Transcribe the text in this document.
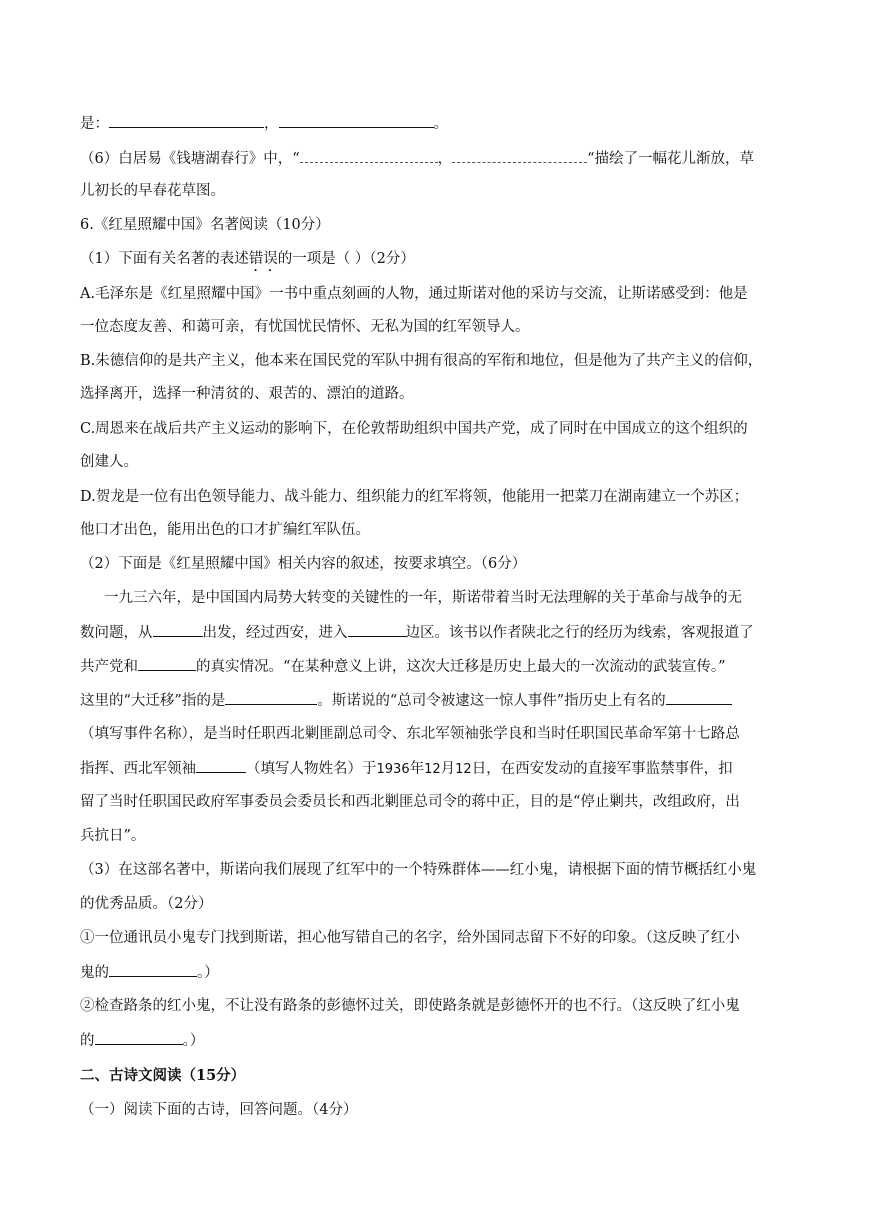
是：	，	。
（6）白居易《钱塘湖春行》中，“	，	“描绘了一幅花儿渐放，草
儿初长的早春花草图。
6.《红星照耀中国》名著阅读（10分）
（1）下面有关名著的表述错误的一项是（ ）（2分）
A.毛泽东是《红星照耀中国》一书中重点刻画的人物，通过斯诺对他的采访与交流，让斯诺感受到：他是
一位态度友善、和蔼可亲，有忧国忧民情怀、无私为国的红军领导人。
B.朱德信仰的是共产主义，他本来在国民党的军队中拥有很高的军衔和地位，但是他为了共产主义的信仰，
选择离开，选择一种清贫的、艰苦的、漂泊的道路。
C.周恩来在战后共产主义运动的影响下，在伦敦帮助组织中国共产党，成了同时在中国成立的这个组织的
创建人。
D.贺龙是一位有出色领导能力、战斗能力、组织能力的红军将领，他能用一把菜刀在湖南建立一个苏区；
他口才出色，能用出色的口才扩编红军队伍。
（2）下面是《红星照耀中国》相关内容的叙述，按要求填空。（6分）
一九三六年，是中国国内局势大转变的关键性的一年，斯诺带着当时无法理解的关于革命与战争的无
数问题，从	出发，经过西安，进入	边区。该书以作者陕北之行的经历为线索，客观报道了
共产党和	的真实情况。“在某种意义上讲，这次大迁移是历史上最大的一次流动的武装宣传。”
这里的“大迁移”指的是	。斯诺说的“总司令被逮这一惊人事件”指历史上有名的
（填写事件名称），是当时任职西北剿匪副总司令、东北军领袖张学良和当时任职国民革命军第十七路总
指挥、西北军领袖	（填写人物姓名）于1936年12月12日，在西安发动的直接军事监禁事件，扣
留了当时任职国民政府军事委员会委员长和西北剿匪总司令的蒋中正，目的是“停止剿共，改组政府，出
兵抗日”。
（3）在这部名著中，斯诺向我们展现了红军中的一个特殊群体——红小鬼，请根据下面的情节概括红小鬼
的优秀品质。（2分）
①一位通讯员小鬼专门找到斯诺，担心他写错自己的名字，给外国同志留下不好的印象。（这反映了红小
鬼的	。）
②检查路条的红小鬼，不让没有路条的彭德怀过关，即使路条就是彭德怀开的也不行。（这反映了红小鬼
的	。）
二、古诗文阅读（15分）
（一）阅读下面的古诗，回答问题。（4分）
